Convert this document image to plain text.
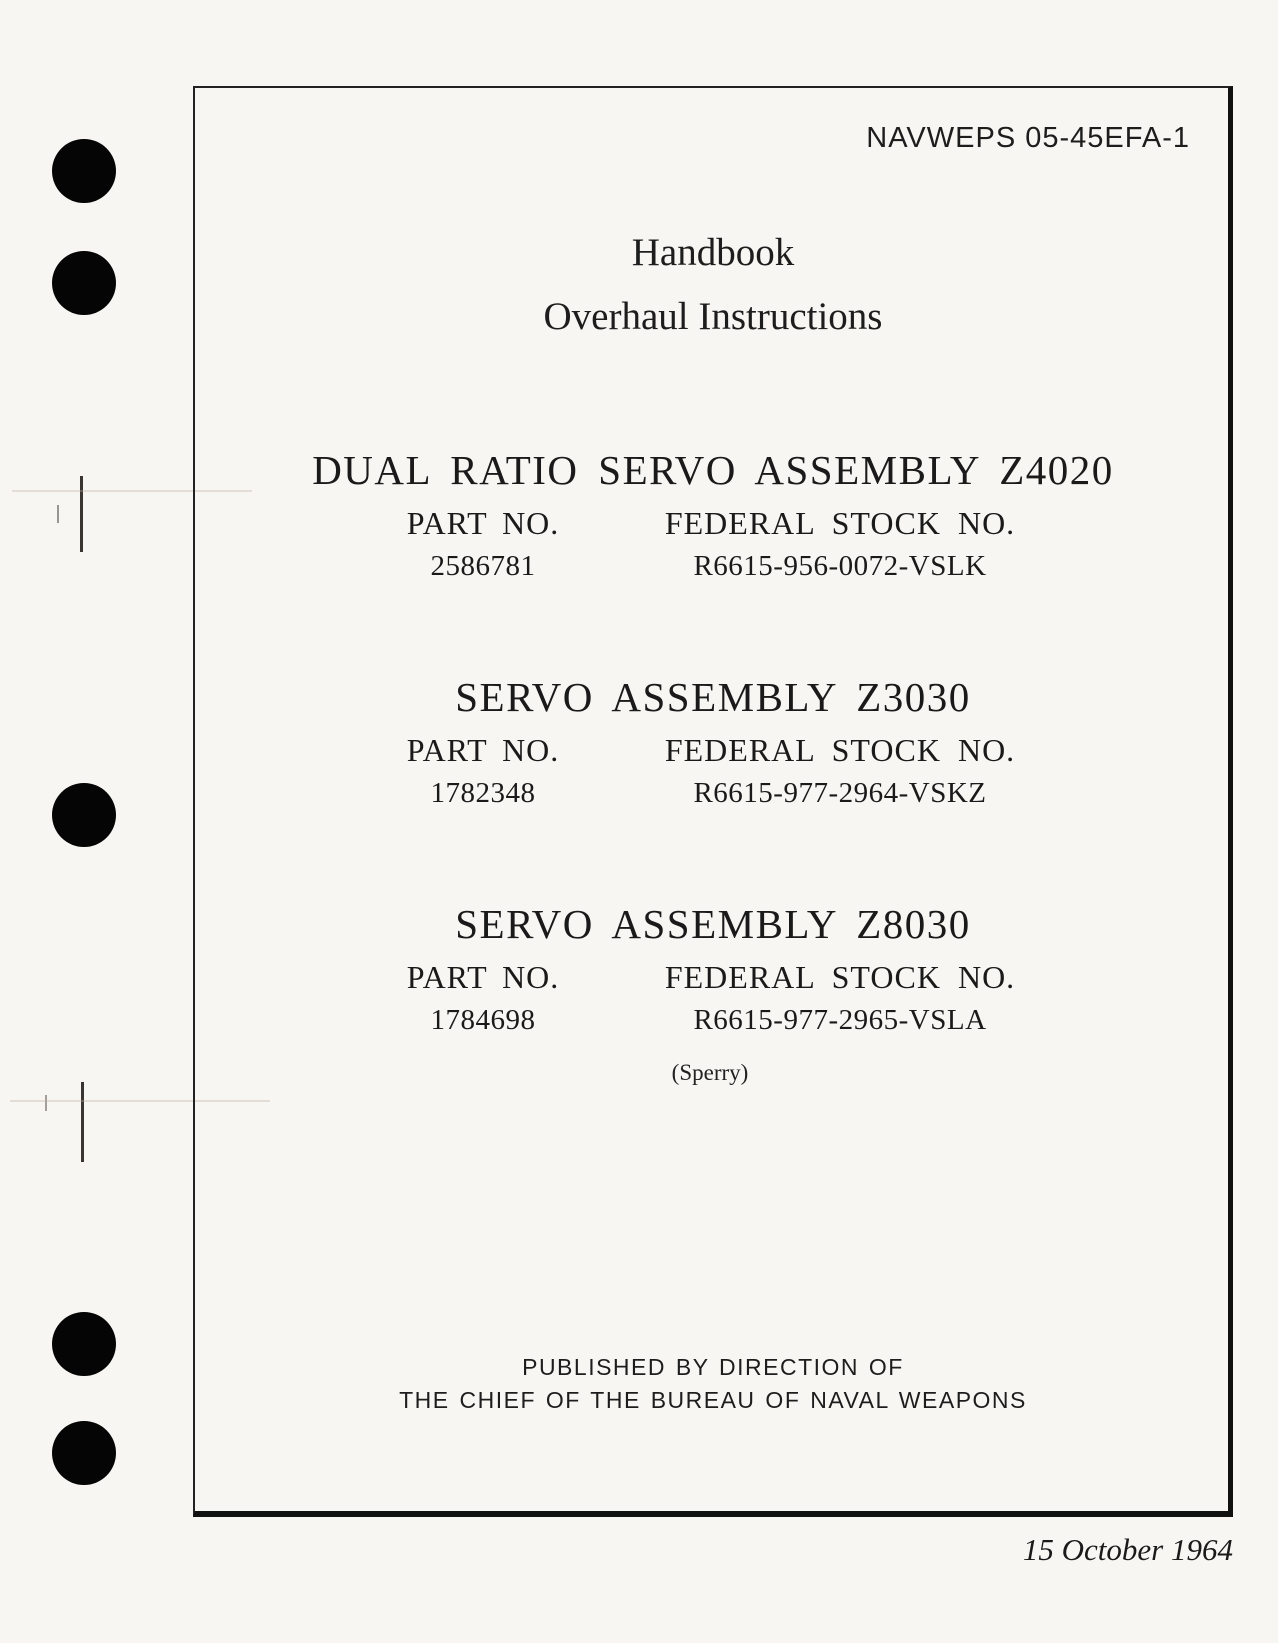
NAVWEPS 05-45EFA-1
Handbook
Overhaul Instructions
DUAL RATIO SERVO ASSEMBLY Z4020
PART NO.	FEDERAL STOCK NO.
2586781	R6615-956-0072-VSLK
SERVO ASSEMBLY Z3030
PART NO.	FEDERAL STOCK NO.
1782348	R6615-977-2964-VSKZ
SERVO ASSEMBLY Z8030
PART NO.	FEDERAL STOCK NO.
1784698	R6615-977-2965-VSLA
(Sperry)
PUBLISHED BY DIRECTION OF
THE CHIEF OF THE BUREAU OF NAVAL WEAPONS
15 October 1964
